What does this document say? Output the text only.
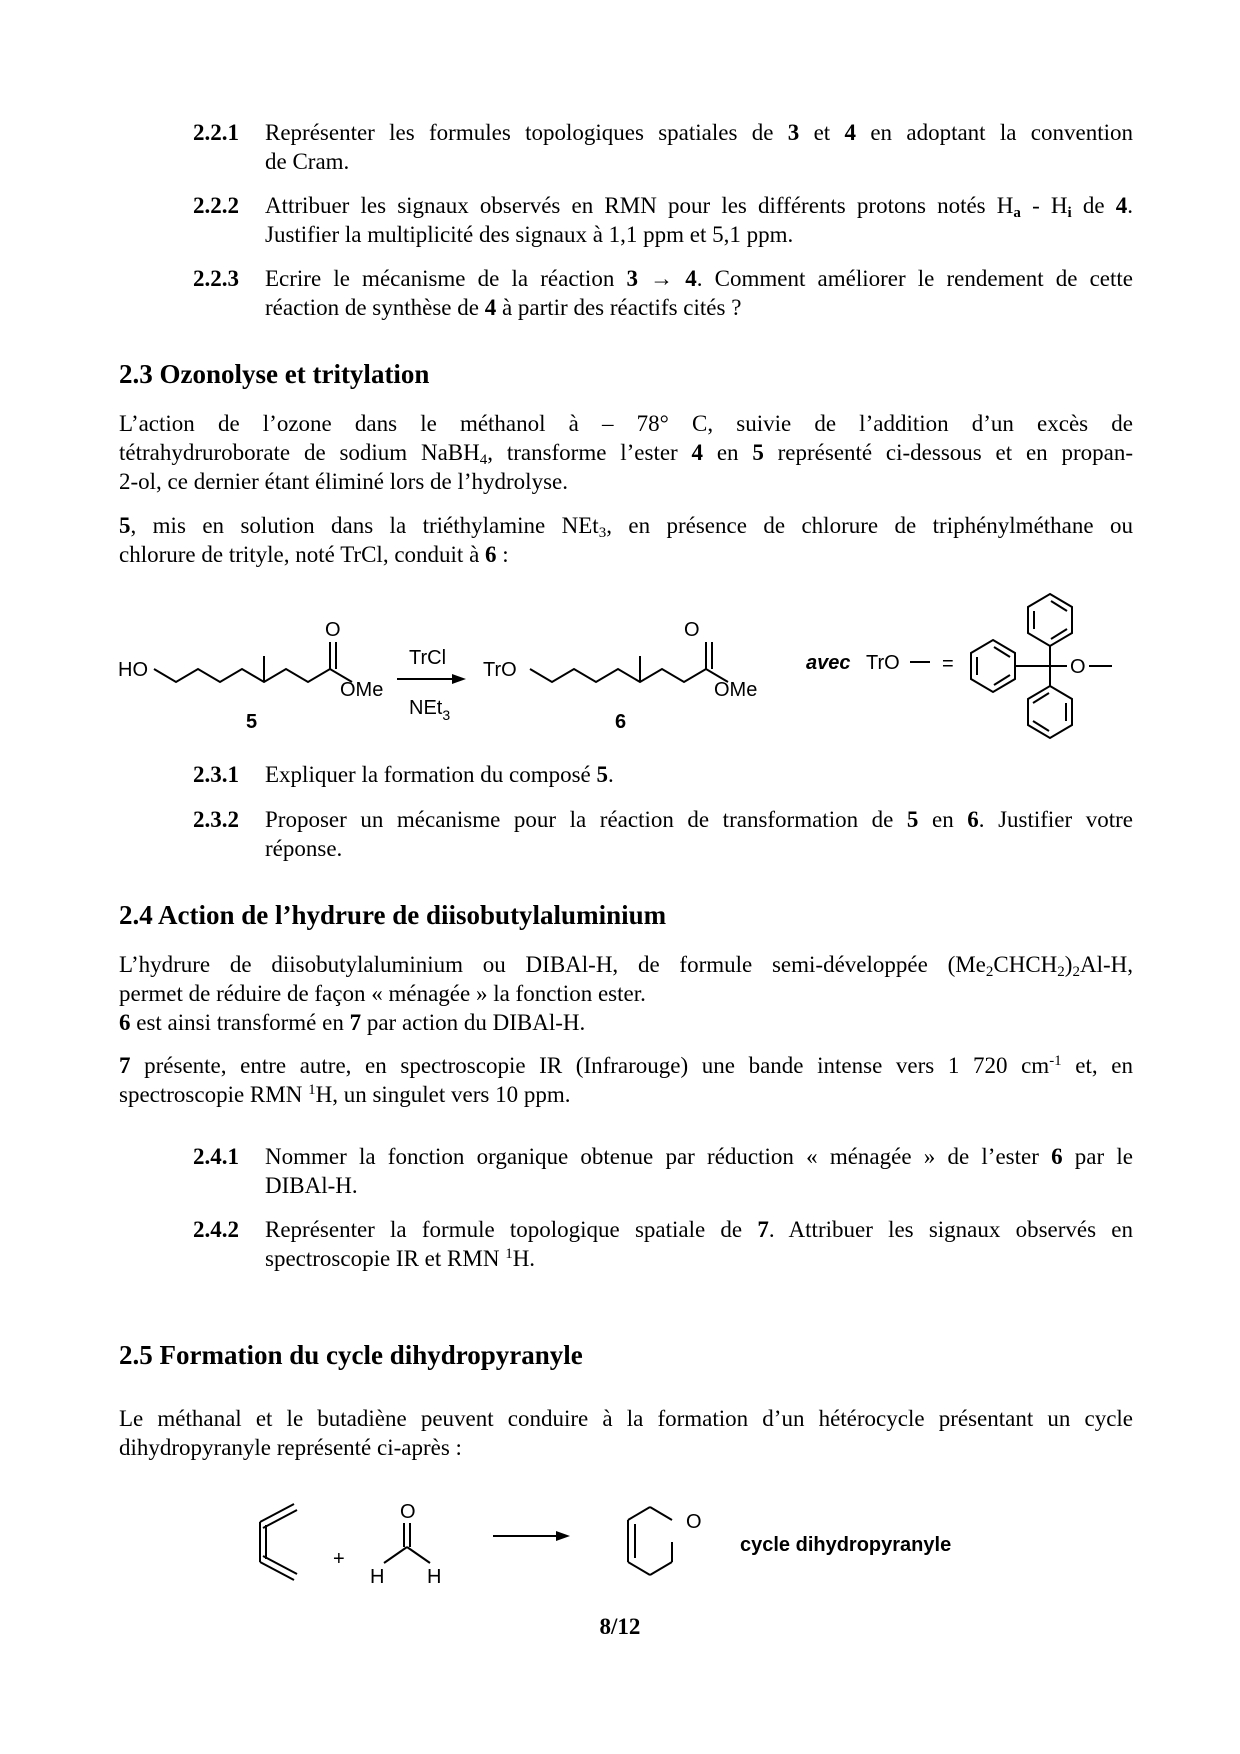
2.2.1 Représenter les formules topologiques spatiales de 3 et 4 en adoptant la convention
de Cram.
2.2.2 Attribuer les signaux observés en RMN pour les différents protons notés $H_a - H_i$ de 4.
Justifier la multiplicité des signaux à 1,1 ppm et 5,1 ppm.
2.2.3 Ecrire le mécanisme de la réaction 3 → 4. Comment améliorer le rendement de cette
réaction de synthèse de 4 à partir des réactifs cités ?
2.3 Ozonolyse et tritylation
L’action de l’ozone dans le méthanol à – 78° C, suivie de l’addition d’un excès de
tétrahydruroborate de sodium NaBH$_4$, transforme l’ester 4 en 5 représenté ci-dessous et en propan-
2-ol, ce dernier étant éliminé lors de l’hydrolyse.
5, mis en solution dans la triéthylamine NEt$_3$, en présence de chlorure de triphénylméthane ou
chlorure de trityle, noté TrCl, conduit à 6 :
HO
OMe
O
5
TrCl
NEt$_3$
TrO
OMe
O
6
avec TrO =	O
2.3.1 Expliquer la formation du composé 5.
2.3.2 Proposer un mécanisme pour la réaction de transformation de 5 en 6. Justifier votre
réponse.
2.4 Action de l’hydrure de diisobutylaluminium
L’hydrure de diisobutylaluminium ou DIBAl-H, de formule semi-développée $(Me_2CHCH_2)_2Al-H$,
permet de réduire de façon « ménagée » la fonction ester.
6 est ainsi transformé en 7 par action du DIBAl-H.
7 présente, entre autre, en spectroscopie IR (Infrarouge) une bande intense vers 1 720 $cm^{-1}$ et, en
spectroscopie RMN $^1$H, un singulet vers 10 ppm.
2.4.1 Nommer la fonction organique obtenue par réduction « ménagée » de l’ester 6 par le
DIBAl-H.
2.4.2 Représenter la formule topologique spatiale de 7. Attribuer les signaux observés en
spectroscopie IR et RMN $^1$H.
2.5 Formation du cycle dihydropyranyle
Le méthanal et le butadiène peuvent conduire à la formation d’un hétérocycle présentant un cycle
dihydropyranyle représenté ci-après :
+
O
H H
O
cycle dihydropyranyle
8/12
